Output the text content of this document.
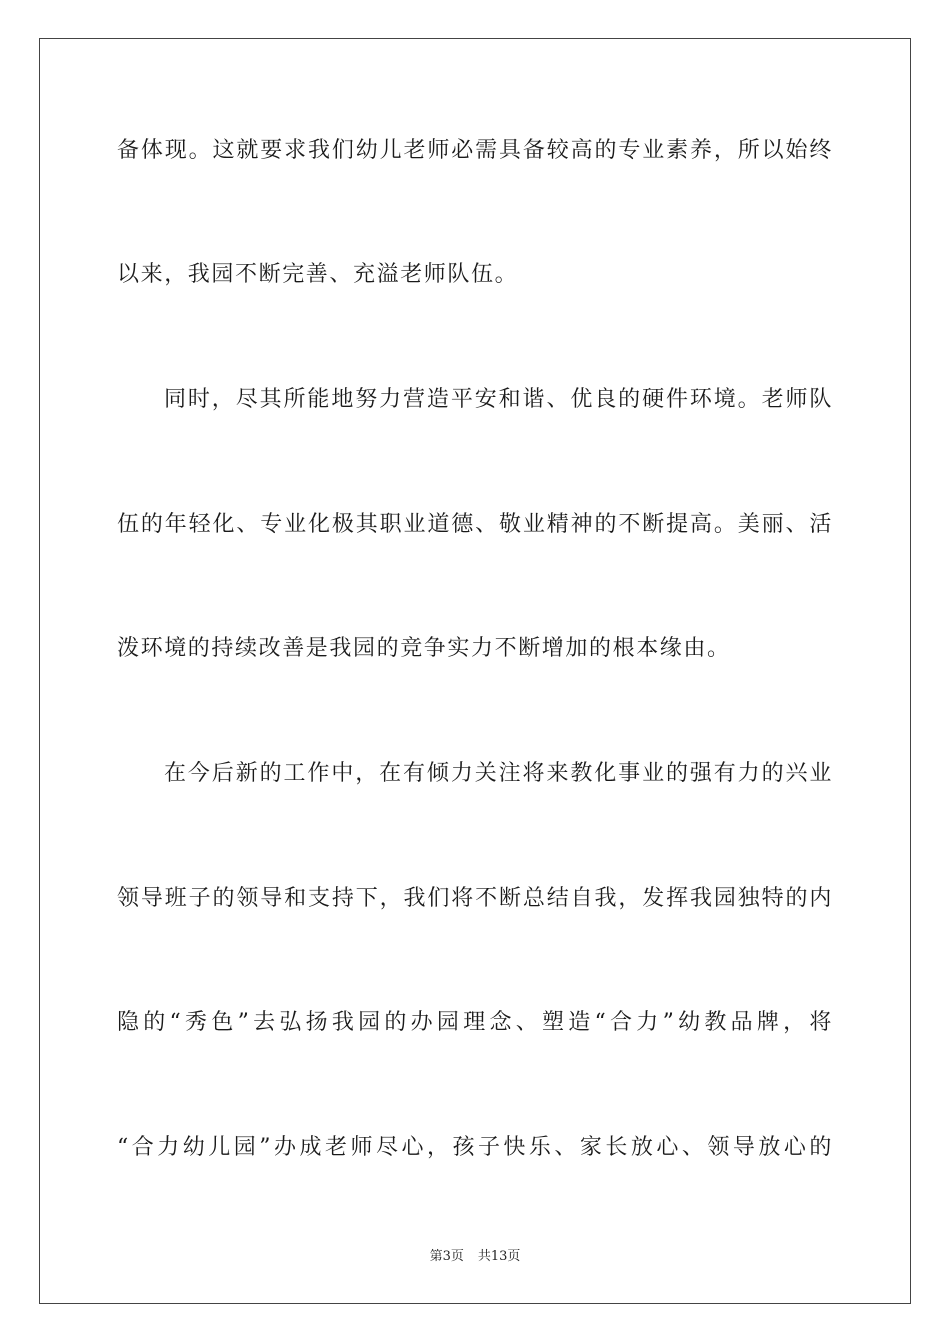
备体现。这就要求我们幼儿老师必需具备较高的专业素养，所以始终
以来，我园不断完善、充溢老师队伍。
同时，尽其所能地努力营造平安和谐、优良的硬件环境。老师队
伍的年轻化、专业化极其职业道德、敬业精神的不断提高。美丽、活
泼环境的持续改善是我园的竞争实力不断增加的根本缘由。
在今后新的工作中，在有倾力关注将来教化事业的强有力的兴业
领导班子的领导和支持下，我们将不断总结自我，发挥我园独特的内
隐的“秀色”去弘扬我园的办园理念、塑造“合力”幼教品牌，将
“合力幼儿园”办成老师尽心，孩子快乐、家长放心、领导放心的
第3页 共13页
